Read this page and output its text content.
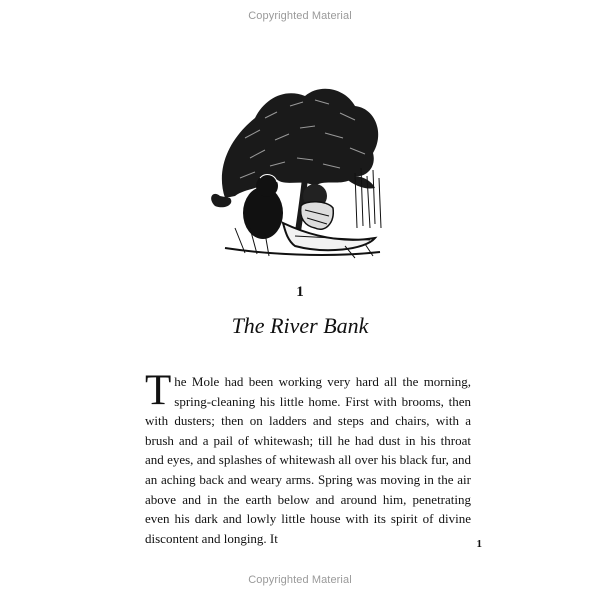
Copyrighted Material
1
The River Bank

The Mole had been working very hard all the morning, spring-cleaning his little home. First with brooms, then with dusters; then on ladders and steps and chairs, with a brush and a pail of whitewash; till he had dust in his throat and eyes, and splashes of whitewash all over his black fur, and an aching back and weary arms. Spring was moving in the air above and in the earth below and around him, penetrating even his dark and lowly little house with its spirit of divine discontent and longing. It	1
Copyrighted Material
